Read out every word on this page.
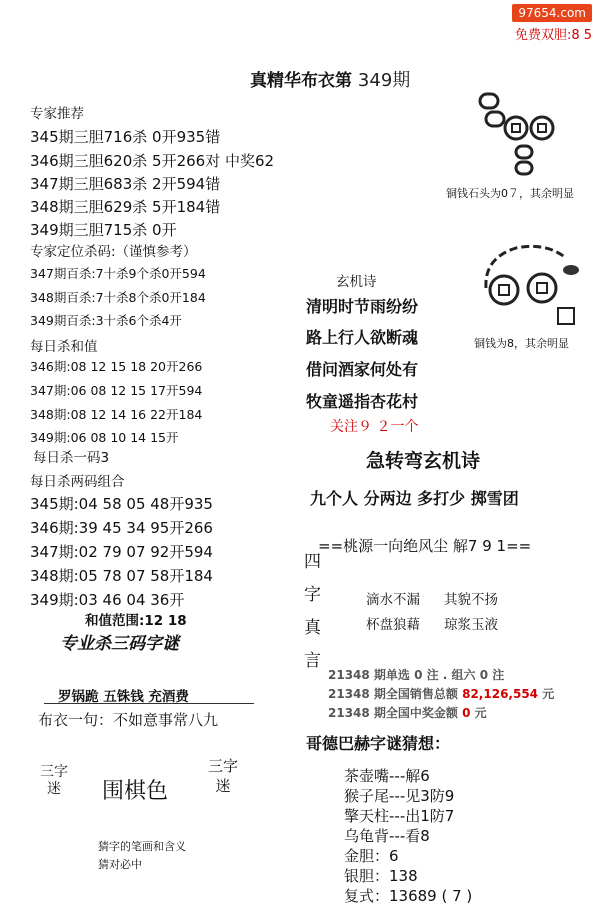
97654.com
免费双胆:8 5
真精华布衣第 349期
专家推荐
345期三胆716杀 0开935错
346期三胆620杀 5开266对 中奖62
347期三胆683杀 2开594错
348期三胆629杀 5开184错
349期三胆715杀 0开
专家定位杀码:（谨慎参考）
347期百杀:7十杀9个杀0开594
348期百杀:7十杀8个杀0开184
349期百杀:3十杀6个杀4开
每日杀和值
346期:08 12 15 18 20开266
347期:06 08 12 15 17开594
348期:08 12 14 16 22开184
349期:06 08 10 14 15开
每日杀一码3
每日杀两码组合
345期:04 58 05 48开935
346期:39 45 34 95开266
347期:02 79 07 92开594
348期:05 78 07 58开184
349期:03 46 04 36开
和值范围:12 18
专业杀三码字谜
罗锅跪 五铢钱 充酒费
布衣一句：不如意事常八九
三字迷	围棋色
三字迷
猜字的笔画和含义
猜对必中
铜钱石头为0７，其余明显
铜钱为8，其余明显
玄机诗
清明时节雨纷纷
路上行人欲断魂
借问酒家何处有
牧童遥指杏花村
关注９ ２一个
急转弯玄机诗
九个人 分两边 多打少 掷雪团
==桃源一向绝风尘 解7 9 1==
四
字
真
言
滴水不漏 其貌不扬
杯盘狼藉 琼浆玉液
21348 期单选 0 注 . 组六 0 注
21348 期全国销售总额 82,126,554 元
21348 期全国中奖金额 0 元
哥德巴赫字谜猜想：
茶壶嘴---解6
猴子尾---见3防9
擎天柱---出1防7
乌龟背---看8
金胆：6
银胆：138
复式：13689 ( 7 )
